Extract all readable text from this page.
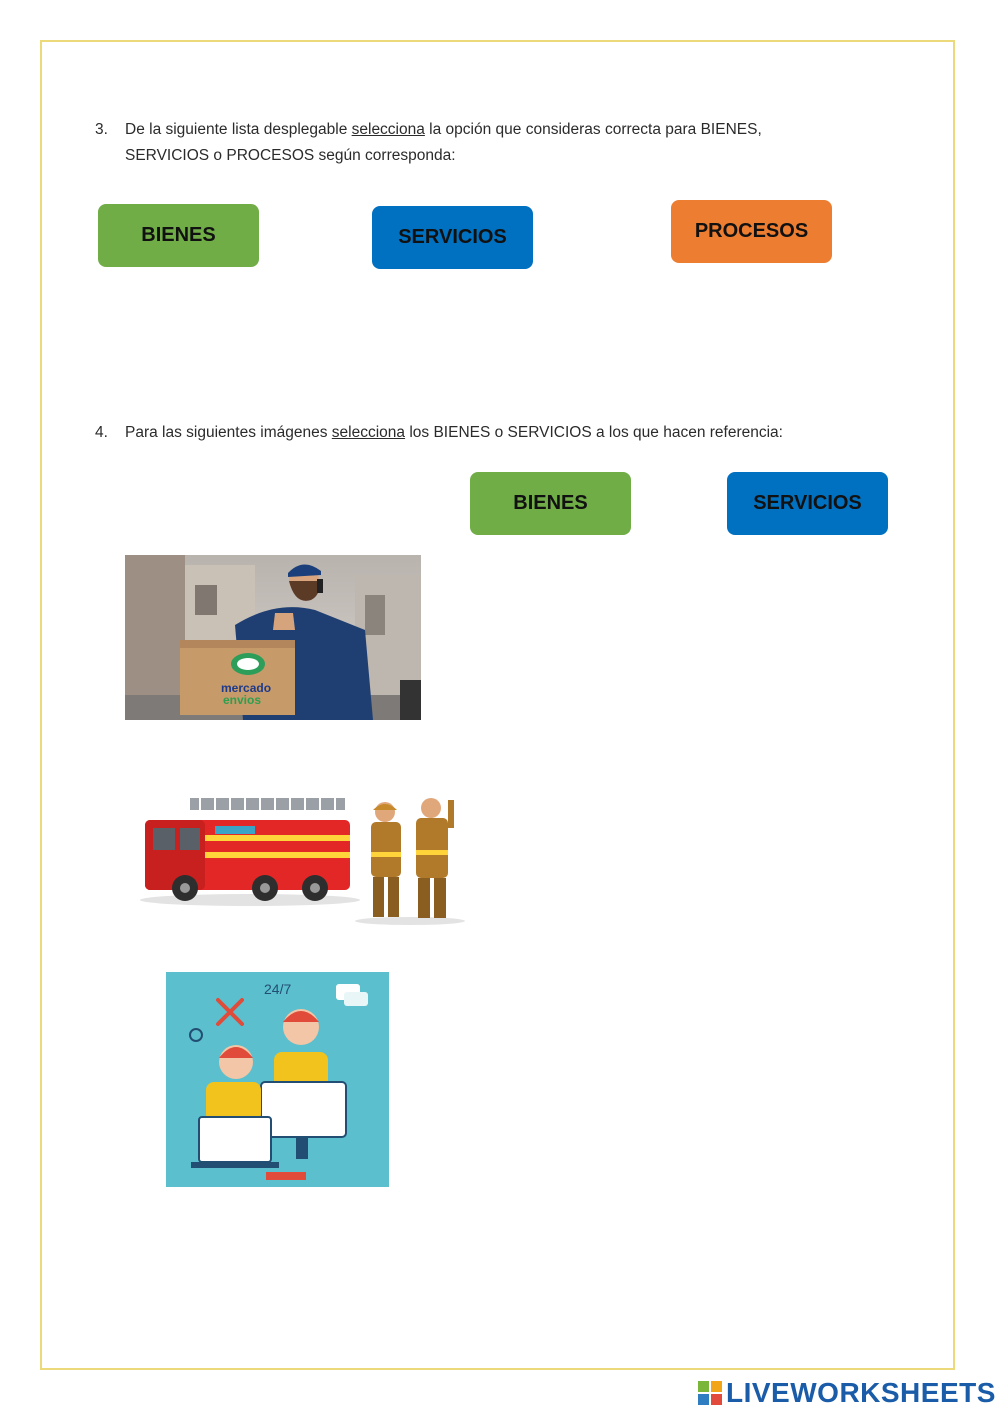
3. De la siguiente lista desplegable selecciona la opción que consideras correcta para BIENES,
SERVICIOS o PROCESOS según corresponda:
BIENES	SERVICIOS	PROCESOS
4. Para las siguientes imágenes selecciona los BIENES o SERVICIOS a los que hacen referencia:
BIENES	SERVICIOS
mercado
envios
24/7
LIVEWORKSHEETS
